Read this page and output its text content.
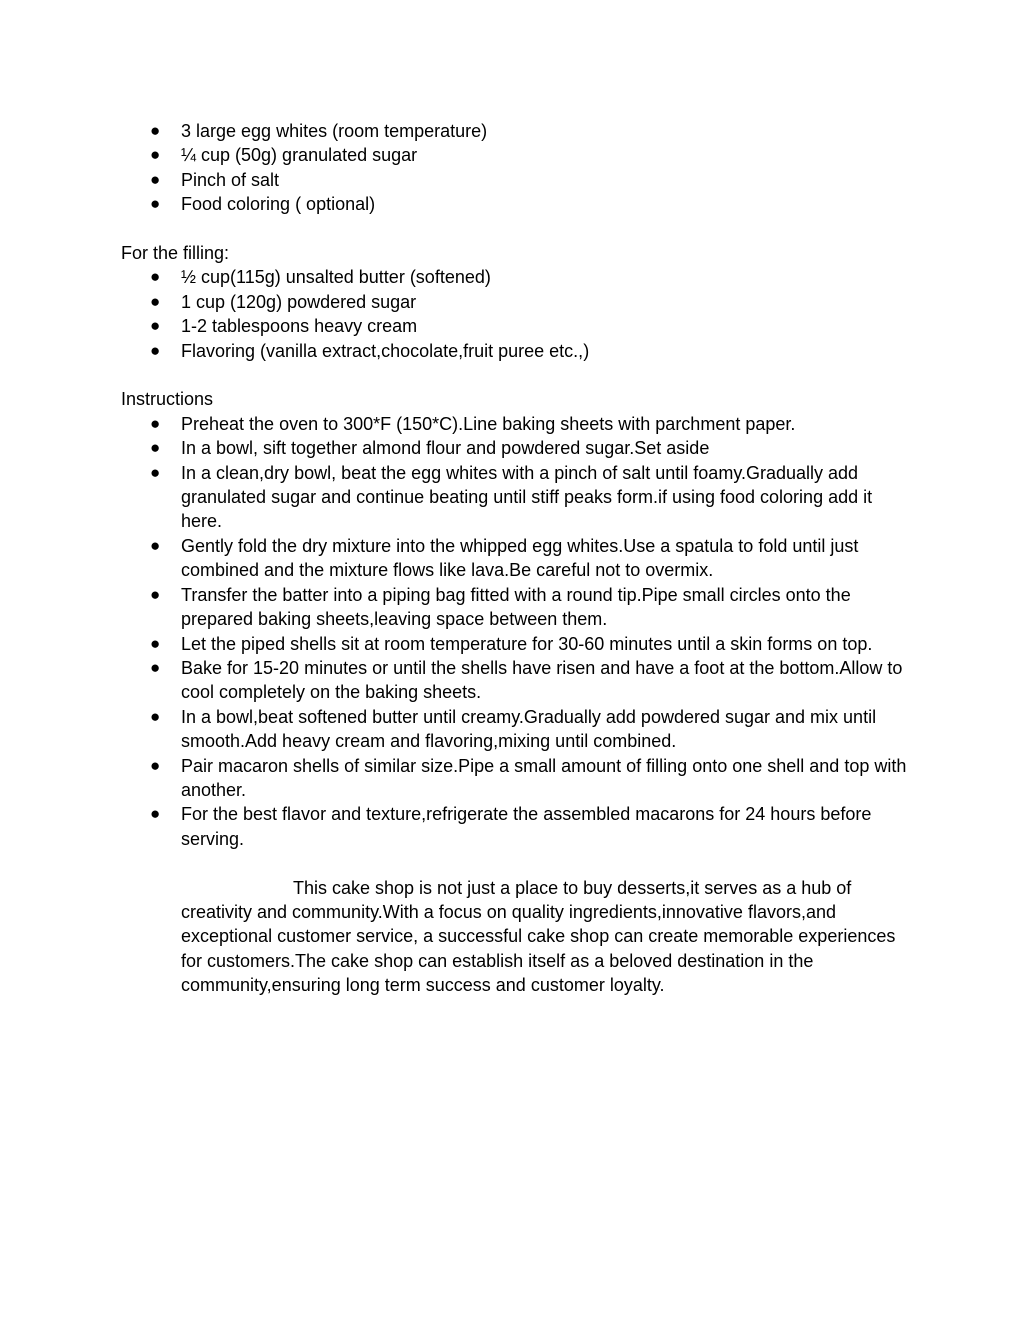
● 3 large egg whites (room temperature)
● ¼ cup (50g) granulated sugar
● Pinch of salt
● Food coloring ( optional)

For the filling:

● ½ cup(115g) unsalted butter (softened)
● 1 cup (120g) powdered sugar
● 1-2 tablespoons heavy cream
● Flavoring (vanilla extract,chocolate,fruit puree etc.,)

Instructions

● Preheat the oven to 300*F (150*C).Line baking sheets with parchment paper.
● In a bowl, sift together almond flour and powdered sugar.Set aside
● In a clean,dry bowl, beat the egg whites with a pinch of salt until foamy.Gradually add granulated sugar and continue beating until stiff peaks form.if using food coloring add it here.
● Gently fold the dry mixture into the whipped egg whites.Use a spatula to fold until just combined and the mixture flows like lava.Be careful not to overmix.
● Transfer the batter into a piping bag fitted with a round tip.Pipe small circles onto the prepared baking sheets,leaving space between them.
● Let the piped shells sit at room temperature for 30-60 minutes until a skin forms on top.
● Bake for 15-20 minutes or until the shells have risen and have a foot at the bottom.Allow to cool completely on the baking sheets.
● In a bowl,beat softened butter until creamy.Gradually add powdered sugar and mix until smooth.Add heavy cream and flavoring,mixing until combined.
● Pair macaron shells of similar size.Pipe a small amount of filling onto one shell and top with another.
● For the best flavor and texture,refrigerate the assembled macarons for 24 hours before serving.

This cake shop is not just a place to buy desserts,it serves as a hub of creativity and community.With a focus on quality ingredients,innovative flavors,and exceptional customer service, a successful cake shop can create memorable experiences for customers.The cake shop can establish itself as a beloved destination in the community,ensuring long term success and customer loyalty.
